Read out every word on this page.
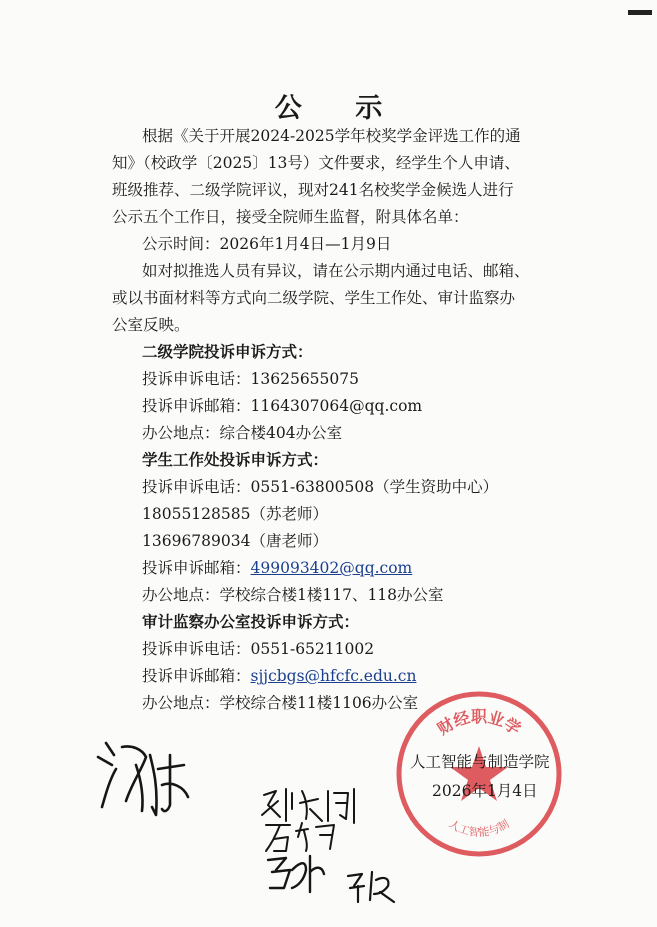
公 示
根据《关于开展2024-2025学年校奖学金评选工作的通
知》（校政学〔2025〕13号）文件要求，经学生个人申请、
班级推荐、二级学院评议，现对241名校奖学金候选人进行
公示五个工作日，接受全院师生监督，附具体名单：
公示时间：2026年1月4日—1月9日
如对拟推选人员有异议，请在公示期内通过电话、邮箱、
或以书面材料等方式向二级学院、学生工作处、审计监察办
公室反映。
二级学院投诉申诉方式：
投诉申诉电话：13625655075
投诉申诉邮箱：1164307064@qq.com
办公地点：综合楼404办公室
学生工作处投诉申诉方式：
投诉申诉电话：0551-63800508（学生资助中心）
18055128585（苏老师）
13696789034（唐老师）
投诉申诉邮箱：499093402@qq.com
办公地点：学校综合楼1楼117、118办公室
审计监察办公室投诉申诉方式：
投诉申诉电话：0551-65211002
投诉申诉邮箱：sjjcbgs@hfcfc.edu.cn
办公地点：学校综合楼11楼1106办公室
财经职业学
人工智能与制
人工智能与制造学院
2026年1月4日
